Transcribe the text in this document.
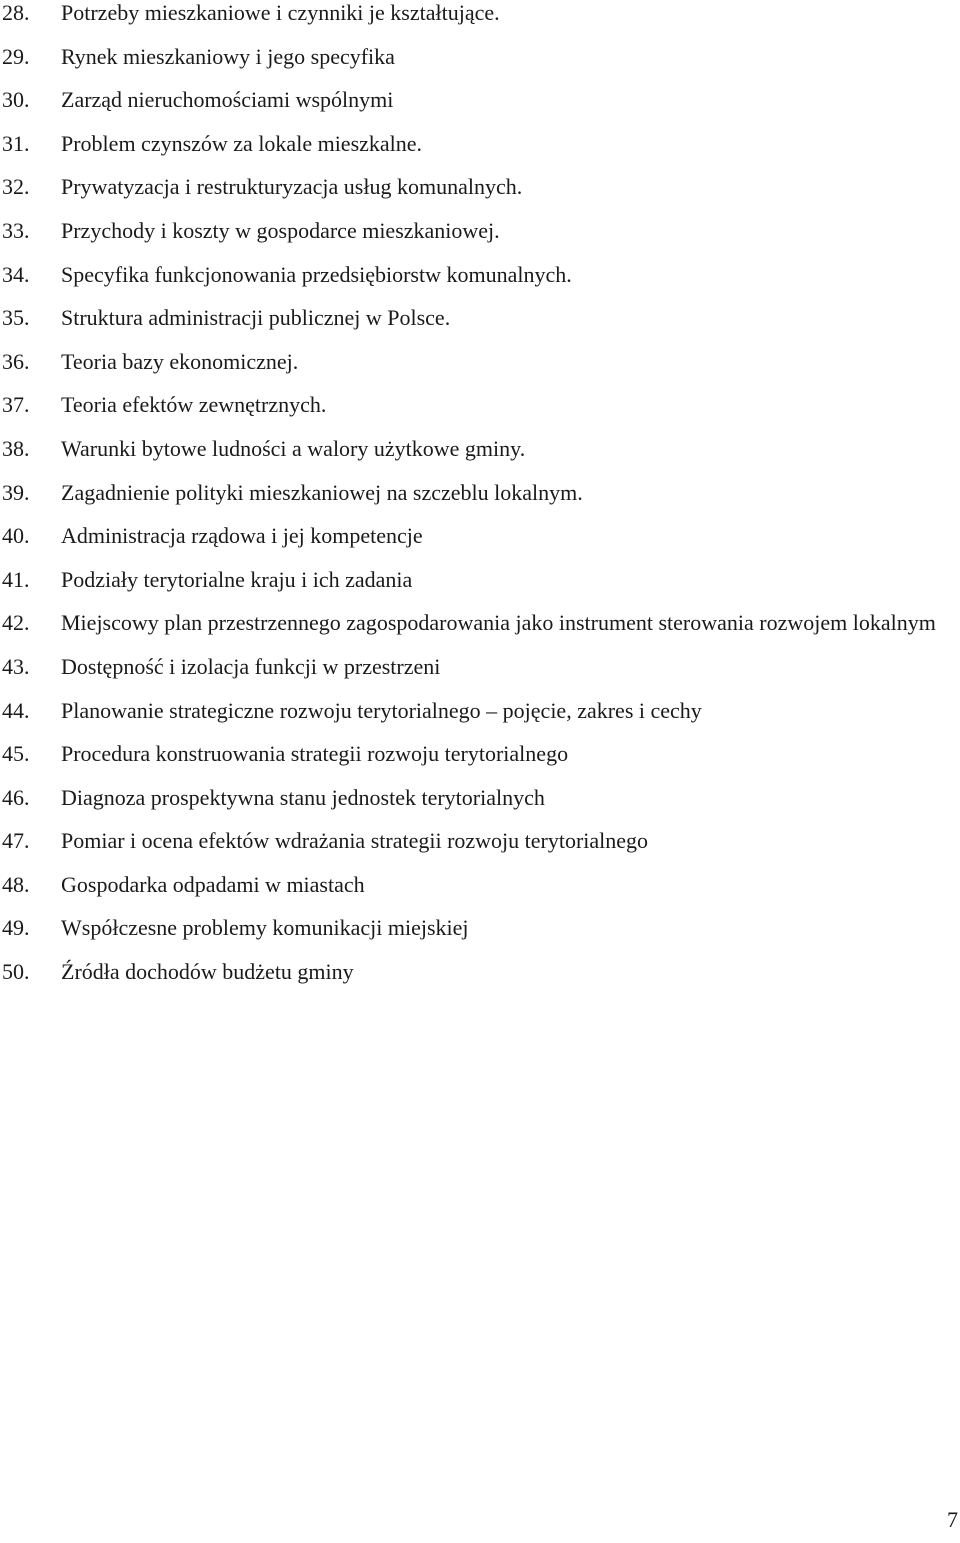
28.	Potrzeby mieszkaniowe i czynniki je kształtujące.
29.	Rynek mieszkaniowy i jego specyfika
30.	Zarząd nieruchomościami wspólnymi
31.	Problem czynszów za lokale mieszkalne.
32.	Prywatyzacja i restrukturyzacja usług komunalnych.
33.	Przychody i koszty w gospodarce mieszkaniowej.
34.	Specyfika funkcjonowania przedsiębiorstw komunalnych.
35.	Struktura administracji publicznej w Polsce.
36.	Teoria bazy ekonomicznej.
37.	Teoria efektów zewnętrznych.
38.	Warunki bytowe ludności a walory użytkowe gminy.
39.	Zagadnienie polityki mieszkaniowej na szczeblu lokalnym.
40.	Administracja rządowa i jej kompetencje
41.	Podziały terytorialne kraju i ich zadania
42.	Miejscowy plan przestrzennego zagospodarowania jako instrument sterowania rozwojem lokalnym
43.	Dostępność i izolacja funkcji w przestrzeni
44.	Planowanie strategiczne rozwoju terytorialnego – pojęcie, zakres i cechy
45.	Procedura konstruowania strategii rozwoju terytorialnego
46.	Diagnoza prospektywna stanu jednostek terytorialnych
47.	Pomiar i ocena efektów wdrażania strategii rozwoju terytorialnego
48.	Gospodarka odpadami w miastach
49.	Współczesne problemy komunikacji miejskiej
50.	Źródła dochodów budżetu gminy
7
